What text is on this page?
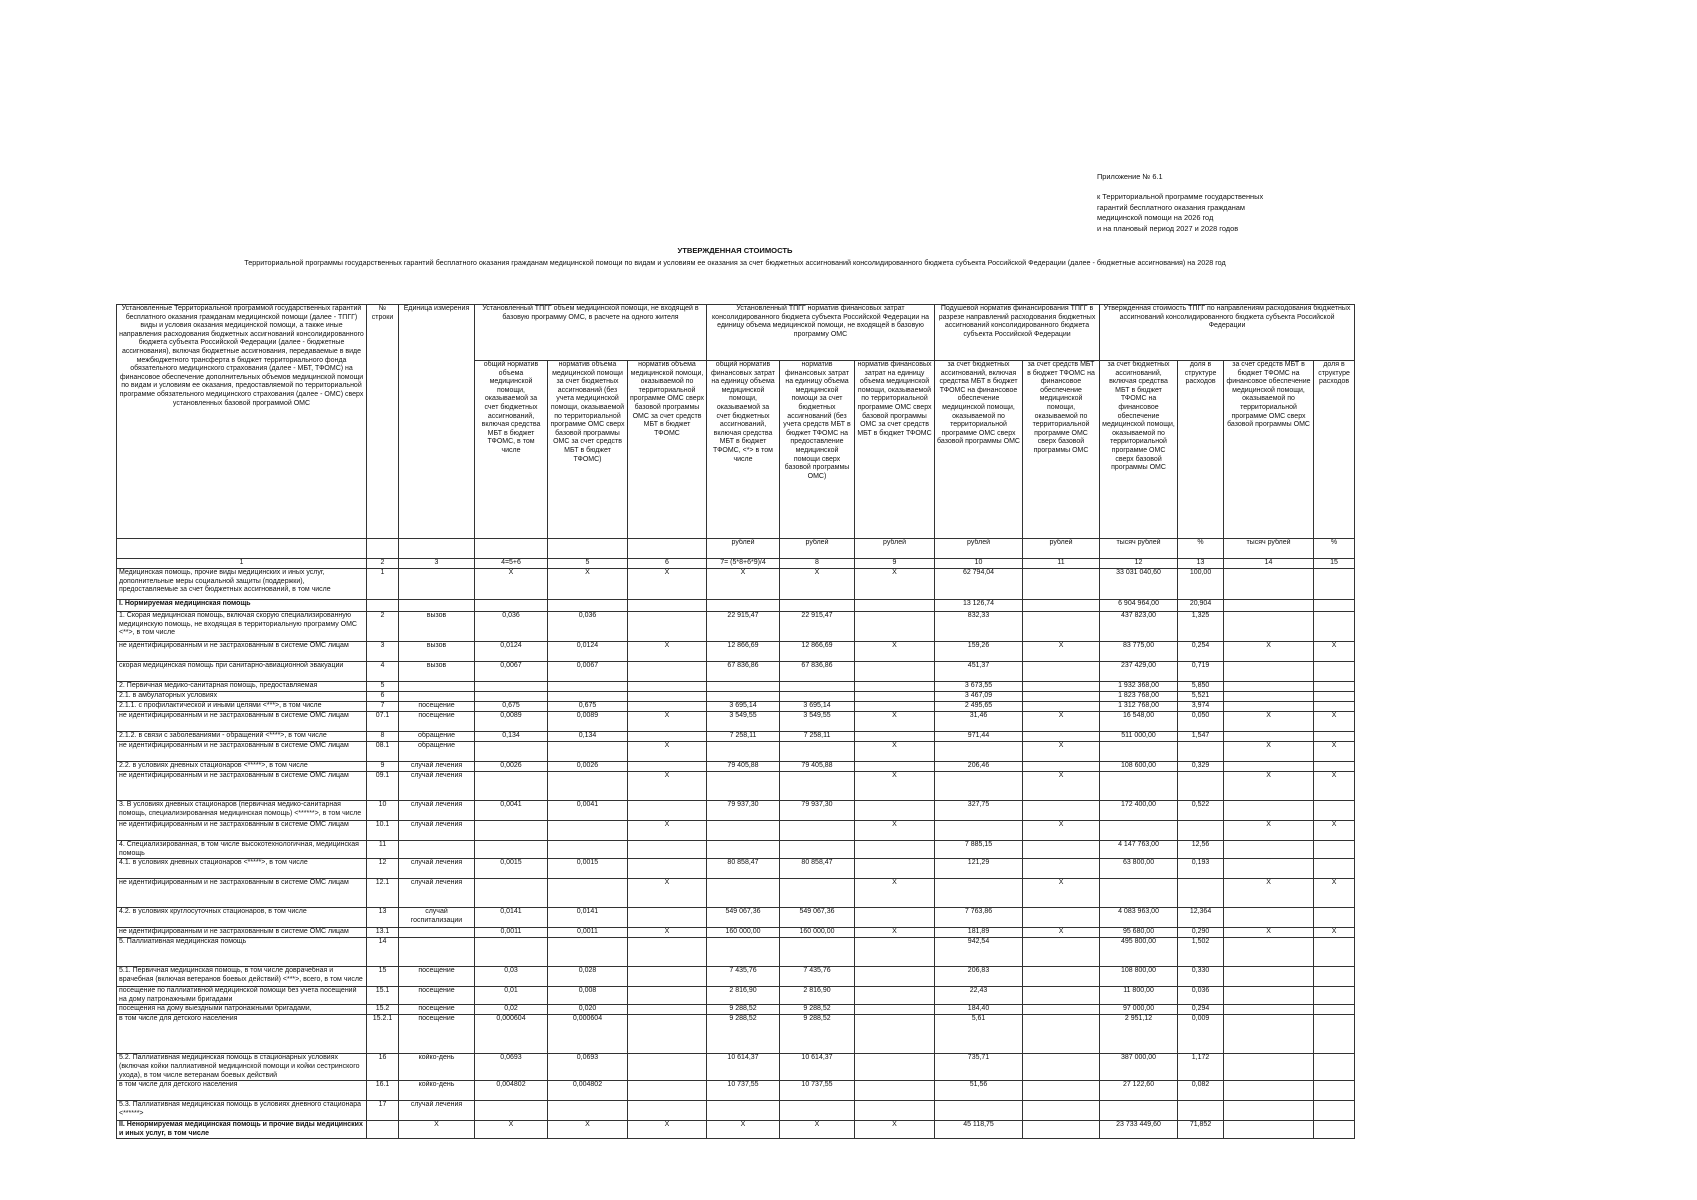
Приложение № 6.1
к Территориальной программе государственных
гарантий бесплатного оказания гражданам
медицинской помощи на 2026 год
и на плановый период 2027 и 2028 годов
УТВЕРЖДЕННАЯ СТОИМОСТЬ
Территориальной программы государственных гарантий бесплатного оказания гражданам медицинской помощи по видам и условиям ее оказания за счет бюджетных ассигнований консолидированного бюджета субъекта Российской Федерации (далее - бюджетные ассигнования) на 2028 год
Установленные Территориальной программой государственных гарантий бесплатного оказания гражданам медицинской помощи (далее - ТПГГ) виды и условия оказания медицинской помощи, а также иные направления расходования бюджетных ассигнований консолидированного бюджета субъекта Российской Федерации (далее - бюджетные ассигнования), включая бюджетные ассигнования, передаваемые в виде межбюджетного трансферта в бюджет территориального фонда обязательного медицинского страхования (далее - МБТ, ТФОМС) на финансовое обеспечение дополнительных объемов медицинской помощи по видам и условиям ее оказания, предоставляемой по территориальной программе обязательного медицинского страхования (далее - ОМС) сверх установленных базовой программой ОМС	№ строки	Единица измерения	Установленный ТПГГ объем медицинской помощи, не входящей в базовую программу ОМС, в расчете на одного жителя			Установленный ТПГГ норматив финансовых затрат консолидированного бюджета субъекта Российской Федерации на единицу объема медицинской помощи, не входящей в базовую программу ОМС			Подушевой норматив финансирования ТПГГ в разрезе направлений расходования бюджетных ассигнований консолидированного бюджета субъекта Российской Федерации		Утвержденная стоимость ТПГГ по направлениям расходования бюджетных ассигнований консолидированного бюджета субъекта Российской Федерации			
			общий норматив объема медицинской помощи, оказываемой за счет бюджетных ассигнований, включая средства МБТ в бюджет ТФОМС, в том числе	норматив объема медицинской помощи за счет бюджетных ассигнований (без учета медицинской помощи, оказываемой по территориальной программе ОМС сверх базовой программы ОМС за счет средств МБТ в бюджет ТФОМС)	норматив объема медицинской помощи, оказываемой по территориальной программе ОМС сверх базовой программы ОМС за счет средств МБТ в бюджет ТФОМС	общий норматив финансовых затрат на единицу объема медицинской помощи, оказываемой за счет бюджетных ассигнований, включая средства МБТ в бюджет ТФОМС, <*> в том числе	норматив финансовых затрат на единицу объема медицинской помощи за счет бюджетных ассигнований (без учета средств МБТ в бюджет ТФОМС на предоставление медицинской помощи сверх базовой программы ОМС)	норматив финансовых затрат на единицу объема медицинской помощи, оказываемой по территориальной программе ОМС сверх базовой программы ОМС за счет средств МБТ в бюджет ТФОМС	за счет бюджетных ассигнований, включая средства МБТ в бюджет ТФОМС на финансовое обеспечение медицинской помощи, оказываемой по территориальной программе ОМС сверх базовой программы ОМС	за счет средств МБТ в бюджет ТФОМС на финансовое обеспечение медицинской помощи, оказываемой по территориальной программе ОМС сверх базовой программы ОМС	за счет бюджетных ассигнований, включая средства МБТ в бюджет ТФОМС на финансовое обеспечение медицинской помощи, оказываемой по территориальной программе ОМС сверх базовой программы ОМС	доля в структуре расходов	за счет средств МБТ в бюджет ТФОМС на финансовое обеспечение медицинской помощи, оказываемой по территориальной программе ОМС сверх базовой программы ОМС	доля в структуре расходов
						рублей	рублей	рублей	рублей	рублей	тысяч рублей	%	тысяч рублей	%
1	2	3	4=5+6	5	6	7= (5*8+6*9)/4	8	9	10	11	12	13	14	15
Медицинская помощь, прочие виды медицинских и иных услуг, дополнительные меры социальной защиты (поддержки), предоставляемые за счет бюджетных ассигнований, в том числе	1		X	X	X	X	X	X	62 794,04		33 031 040,60	100,00		
I. Нормируемая медицинская помощь									13 126,74		6 904 964,00	20,904		
1. Скорая медицинская помощь, включая скорую специализированную медицинскую помощь, не входящая в территориальную программу ОМС <**>, в том числе	2	вызов	0,036	0,036		22 915,47	22 915,47		832,33		437 823,00	1,325		
не идентифицированным и не застрахованным в системе ОМС лицам	3	вызов	0,0124	0,0124	X	12 866,69	12 866,69	X	159,26	X	83 775,00	0,254	X	X
скорая медицинская помощь при санитарно-авиационной эвакуации	4	вызов	0,0067	0,0067		67 836,86	67 836,86		451,37		237 429,00	0,719		
2. Первичная медико-санитарная помощь, предоставляемая	5								3 673,55		1 932 368,00	5,850		
2.1. в амбулаторных условиях	6								3 467,09		1 823 768,00	5,521		
2.1.1. с профилактической и иными целями <***>, в том числе	7	посещение	0,675	0,675		3 695,14	3 695,14		2 495,65		1 312 768,00	3,974		
не идентифицированным и не застрахованным в системе ОМС лицам	07.1	посещение	0,0089	0,0089	X	3 549,55	3 549,55	X	31,46	X	16 548,00	0,050	X	X
2.1.2. в связи с заболеваниями - обращений <****>, в том числе	8	обращение	0,134	0,134		7 258,11	7 258,11		971,44		511 000,00	1,547		
не идентифицированным и не застрахованным в системе ОМС лицам	08.1	обращение			X			X		X			X	X
2.2. в условиях дневных стационаров <*****>, в том числе	9	случай лечения	0,0026	0,0026		79 405,88	79 405,88		206,46		108 600,00	0,329		
не идентифицированным и не застрахованным в системе ОМС лицам	09.1	случай лечения			X			X		X			X	X
3. В условиях дневных стационаров (первичная медико-санитарная помощь, специализированная медицинская помощь) <******>, в том числе	10	случай лечения	0,0041	0,0041		79 937,30	79 937,30		327,75		172 400,00	0,522		
не идентифицированным и не застрахованным в системе ОМС лицам	10.1	случай лечения			X			X		X			X	X
4. Специализированная, в том числе высокотехнологичная, медицинская помощь	11								7 885,15		4 147 763,00	12,56		
4.1. в условиях дневных стационаров <*****>, в том числе	12	случай лечения	0,0015	0,0015		80 858,47	80 858,47		121,29		63 800,00	0,193		
не идентифицированным и не застрахованным в системе ОМС лицам	12.1	случай лечения			X			X		X			X	X
4.2. в условиях круглосуточных стационаров, в том числе	13	случай госпитализации	0,0141	0,0141		549 067,36	549 067,36		7 763,86		4 083 963,00	12,364		
не идентифицированным и не застрахованным в системе ОМС лицам	13.1		0,0011	0,0011	X	160 000,00	160 000,00	X	181,89	X	95 680,00	0,290	X	X
5. Паллиативная медицинская помощь	14								942,54		495 800,00	1,502		
5.1. Первичная медицинская помощь, в том числе доврачебная и врачебная (включая ветеранов боевых действий) <***>, всего, в том числе	15	посещение	0,03	0,028		7 435,76	7 435,76		206,83		108 800,00	0,330		
посещение по паллиативной медицинской помощи без учета посещений на дому патронажными бригадами	15.1	посещение	0,01	0,008		2 816,90	2 816,90		22,43		11 800,00	0,036		
посещения на дому выездными патронажными бригадами,	15.2	посещение	0,02	0,020		9 288,52	9 288,52		184,40		97 000,00	0,294		
в том числе для детского населения	15.2.1	посещение	0,000604	0,000604		9 288,52	9 288,52		5,61		2 951,12	0,009		
5.2. Паллиативная медицинская помощь в стационарных условиях (включая койки паллиативной медицинской помощи и койки сестринского ухода), в том числе ветеранам боевых действий	16	койко-день	0,0693	0,0693		10 614,37	10 614,37		735,71		387 000,00	1,172		
в том числе для детского населения	16.1	койко-день	0,004802	0,004802		10 737,55	10 737,55		51,56		27 122,60	0,082		
5.3. Паллиативная медицинская помощь в условиях дневного стационара <******>	17	случай лечения												
II. Ненормируемая медицинская помощь и прочие виды медицинских и иных услуг, в том числе		X	X	X	X	X	X	X	45 118,75		23 733 449,60	71,852		
